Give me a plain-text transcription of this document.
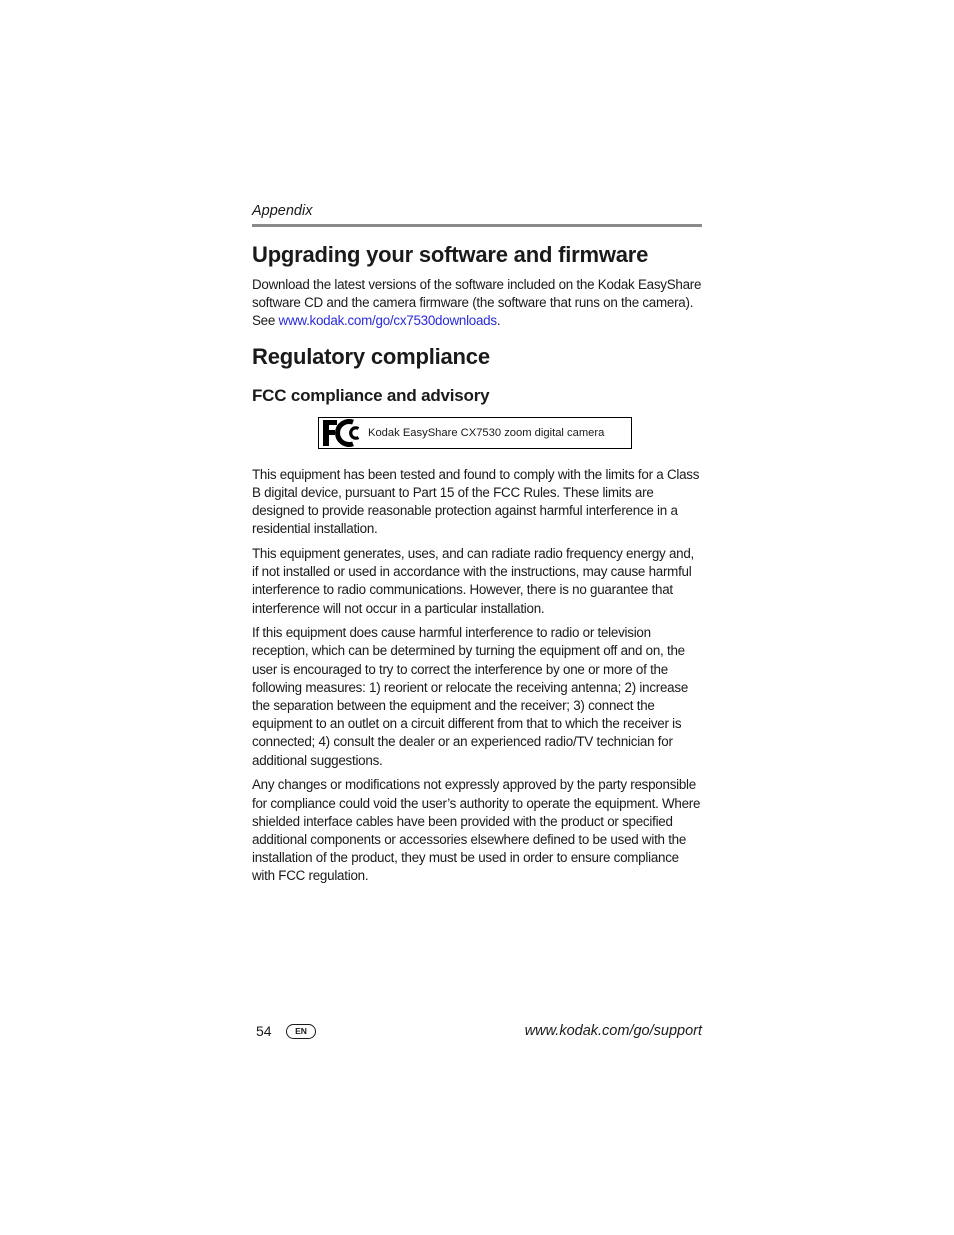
Appendix
Upgrading your software and firmware

Download the latest versions of the software included on the Kodak EasyShare software CD and the camera firmware (the software that runs on the camera). See www.kodak.com/go/cx7530downloads.

Regulatory compliance
FCC compliance and advisory
Kodak EasyShare CX7530 zoom digital camera

This equipment has been tested and found to comply with the limits for a Class B digital device, pursuant to Part 15 of the FCC Rules. These limits are designed to provide reasonable protection against harmful interference in a residential installation.

This equipment generates, uses, and can radiate radio frequency energy and, if not installed or used in accordance with the instructions, may cause harmful interference to radio communications. However, there is no guarantee that interference will not occur in a particular installation.

If this equipment does cause harmful interference to radio or television reception, which can be determined by turning the equipment off and on, the user is encouraged to try to correct the interference by one or more of the following measures: 1) reorient or relocate the receiving antenna; 2) increase the separation between the equipment and the receiver; 3) connect the equipment to an outlet on a circuit different from that to which the receiver is connected; 4) consult the dealer or an experienced radio/TV technician for additional suggestions.

Any changes or modifications not expressly approved by the party responsible for compliance could void the user’s authority to operate the equipment. Where shielded interface cables have been provided with the product or specified additional components or accessories elsewhere defined to be used with the installation of the product, they must be used in order to ensure compliance with FCC regulation.

54	EN	www.kodak.com/go/support
